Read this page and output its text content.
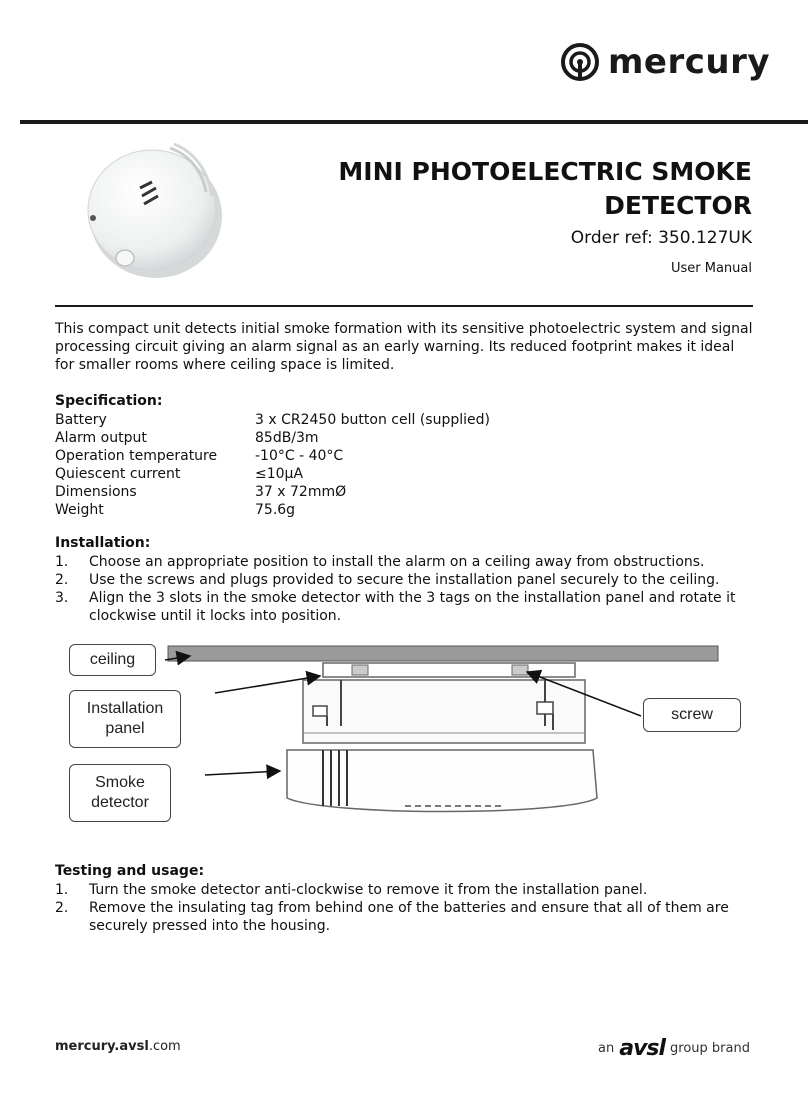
mercury
MINI PHOTOELECTRIC SMOKE DETECTOR
Order ref: 350.127UK
User Manual
This compact unit detects initial smoke formation with its sensitive photoelectric system and signal processing circuit giving an alarm signal as an early warning. Its reduced footprint makes it ideal for smaller rooms where ceiling space is limited.
Specification:
Battery	3 x CR2450 button cell (supplied)
Alarm output	85dB/3m
Operation temperature	-10°C - 40°C
Quiescent current	≤10μA
Dimensions	37 x 72mmØ
Weight	75.6g
Installation:
1.	Choose an appropriate position to install the alarm on a ceiling away from obstructions.
2.	Use the screws and plugs provided to secure the installation panel securely to the ceiling.
3.	Align the 3 slots in the smoke detector with the 3 tags on the installation panel and rotate it clockwise until it locks into position.
ceiling
Installation
panel
Smoke
detector
screw
Testing and usage:
1.	Turn the smoke detector anti-clockwise to remove it from the installation panel.
2.	Remove the insulating tag from behind one of the batteries and ensure that all of them are securely pressed into the housing.
mercury.avsl.com	an avsl group brand
